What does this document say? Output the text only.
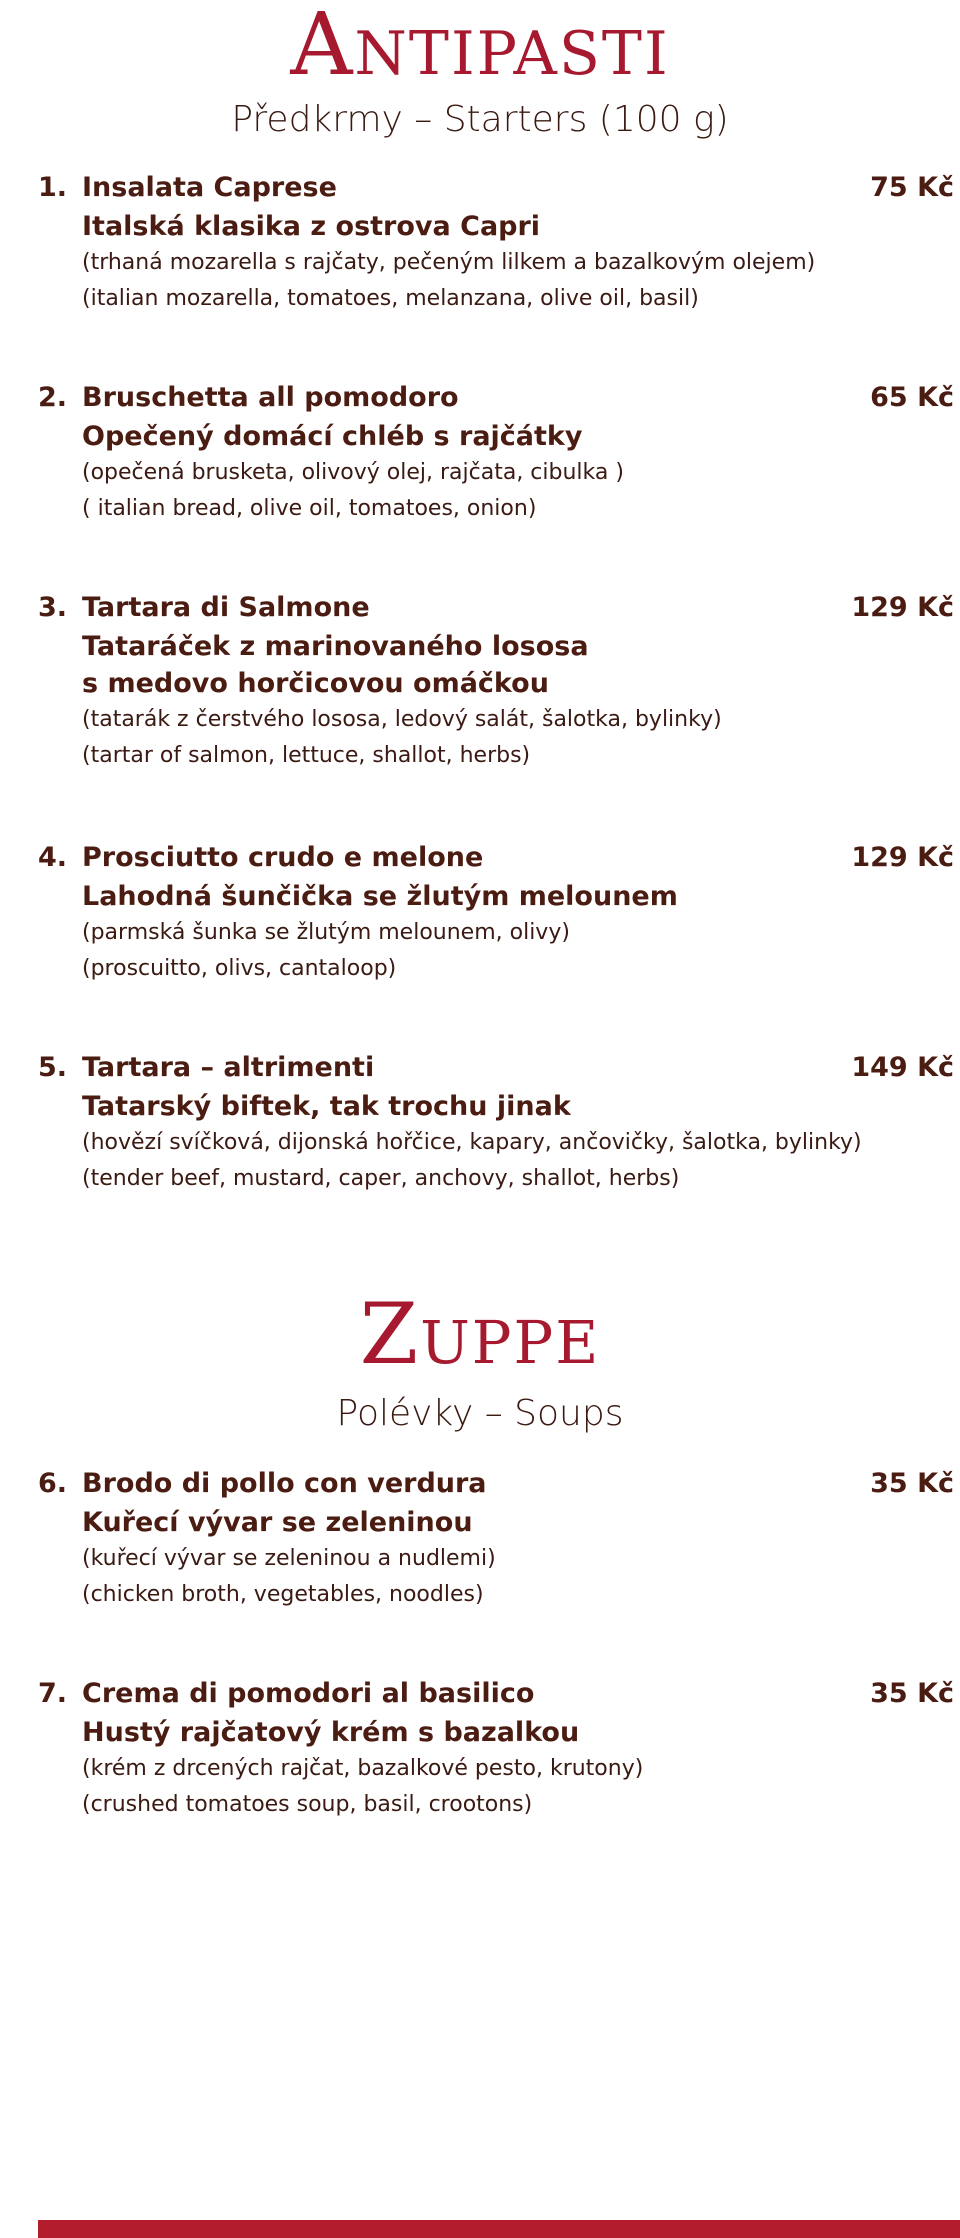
Antipasti
Předkrmy – Starters (100 g)
1. Insalata Caprese	75 Kč
Italská klasika z ostrova Capri
(trhaná mozarella s rajčaty, pečeným lilkem a bazalkovým olejem)
(italian mozarella, tomatoes, melanzana, olive oil, basil)
2. Bruschetta all pomodoro	65 Kč
Opečený domácí chléb s rajčátky
(opečená brusketa, olivový olej, rajčata, cibulka )
( italian bread, olive oil, tomatoes, onion)
3. Tartara di Salmone	129 Kč
Tataráček z marinovaného lososa
s medovo horčicovou omáčkou
(tatarák z čerstvého lososa, ledový salát, šalotka, bylinky)
(tartar of salmon, lettuce, shallot, herbs)
4. Prosciutto crudo e melone	129 Kč
Lahodná šunčička se žlutým melounem
(parmská šunka se žlutým melounem, olivy)
(proscuitto, olivs, cantaloop)
5. Tartara – altrimenti	149 Kč
Tatarský biftek, tak trochu jinak
(hovězí svíčková, dijonská hořčice, kapary, ančovičky, šalotka, bylinky)
(tender beef, mustard, caper, anchovy, shallot, herbs)
Zuppe
Polévky – Soups
6. Brodo di pollo con verdura	35 Kč
Kuřecí vývar se zeleninou
(kuřecí vývar se zeleninou a nudlemi)
(chicken broth, vegetables, noodles)
7. Crema di pomodori al basilico	35 Kč
Hustý rajčatový krém s bazalkou
(krém z drcených rajčat, bazalkové pesto, krutony)
(crushed tomatoes soup, basil, crootons)
